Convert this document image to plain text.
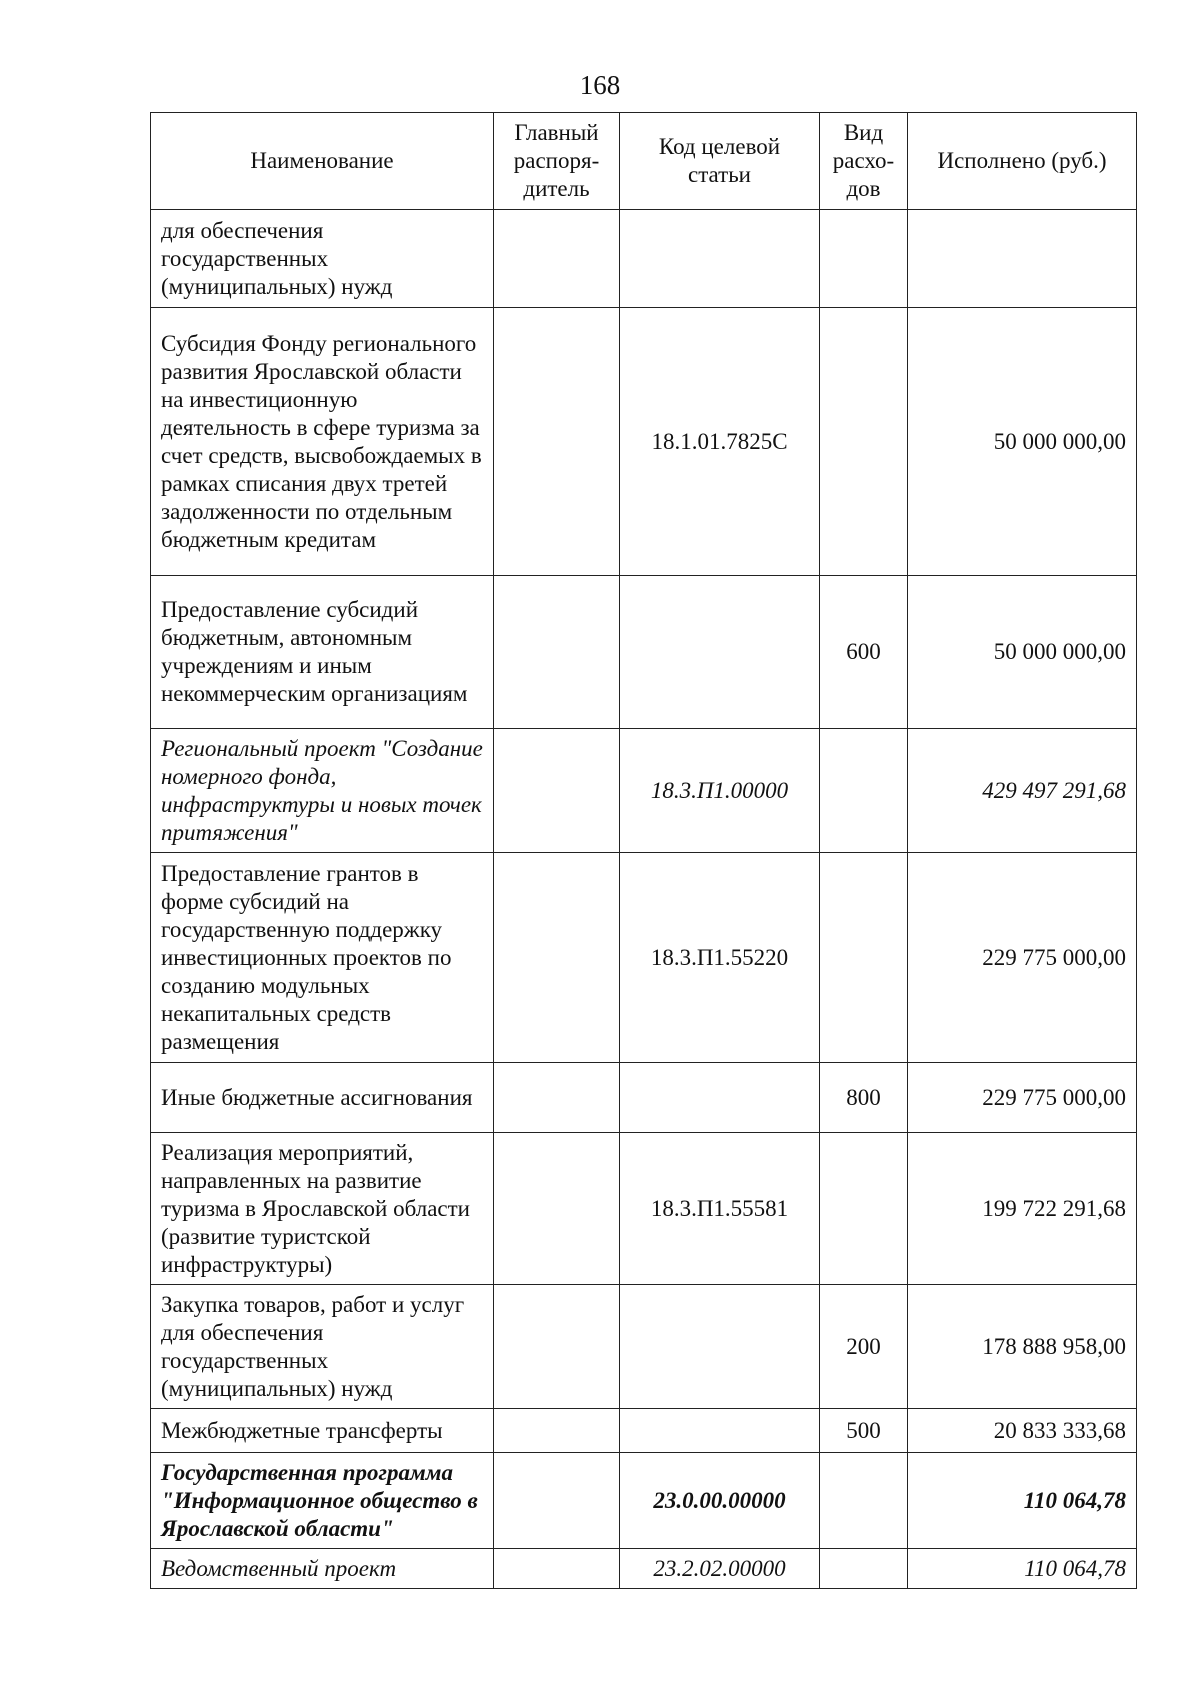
168
Наименование	Главный распоря-дитель	Код целевой статьи	Вид расхо-дов	Исполнено (руб.)
для обеспечения государственных (муниципальных) нужд				
Субсидия Фонду регионального развития Ярославской области на инвестиционную деятельность в сфере туризма за счет средств, высвобождаемых в рамках списания двух третей задолженности по отдельным бюджетным кредитам		18.1.01.7825С		50 000 000,00
Предоставление субсидий бюджетным, автономным учреждениям и иным некоммерческим организациям			600	50 000 000,00
Региональный проект "Создание номерного фонда, инфраструктуры и новых точек притяжения"		18.3.П1.00000		429 497 291,68
Предоставление грантов в форме субсидий на государственную поддержку инвестиционных проектов по созданию модульных некапитальных средств размещения		18.3.П1.55220		229 775 000,00
Иные бюджетные ассигнования			800	229 775 000,00
Реализация мероприятий, направленных на развитие туризма в Ярославской области (развитие туристской инфраструктуры)		18.3.П1.55581		199 722 291,68
Закупка товаров, работ и услуг для обеспечения государственных (муниципальных) нужд			200	178 888 958,00
Межбюджетные трансферты			500	20 833 333,68
Государственная программа "Информационное общество в Ярославской области"		23.0.00.00000		110 064,78
Ведомственный проект		23.2.02.00000		110 064,78
